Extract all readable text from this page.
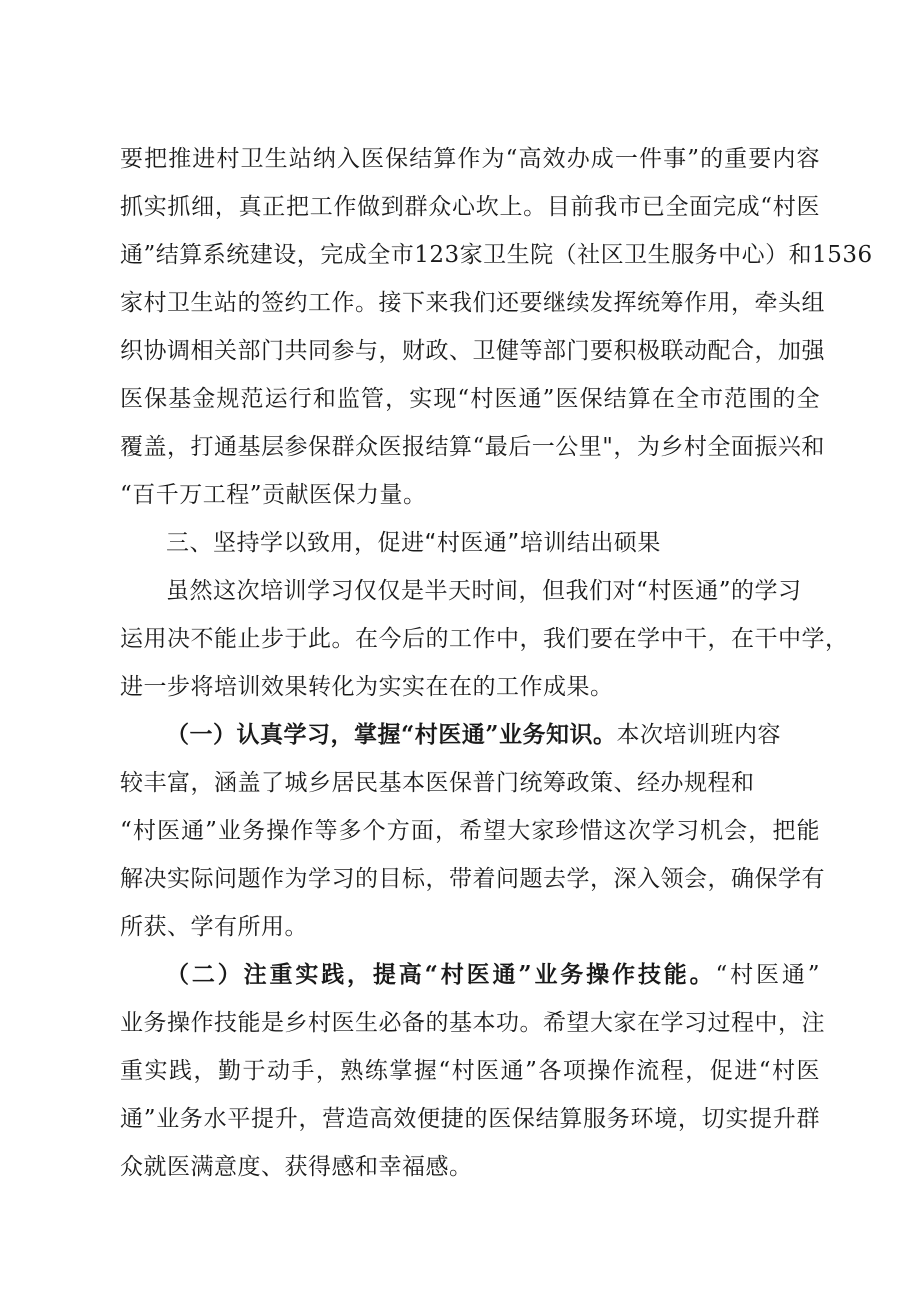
要把推进村卫生站纳入医保结算作为“高效办成一件事”的重要内容
抓实抓细，真正把工作做到群众心坎上。目前我市已全面完成“村医
通”结算系统建设，完成全市123家卫生院（社区卫生服务中心）和1536
家村卫生站的签约工作。接下来我们还要继续发挥统筹作用，牵头组
织协调相关部门共同参与，财政、卫健等部门要积极联动配合，加强
医保基金规范运行和监管，实现“村医通”医保结算在全市范围的全
覆盖，打通基层参保群众医报结算“最后一公里"，为乡村全面振兴和
“百千万工程”贡献医保力量。
三、坚持学以致用，促进“村医通”培训结出硕果
虽然这次培训学习仅仅是半天时间，但我们对“村医通”的学习
运用决不能止步于此。在今后的工作中，我们要在学中干，在干中学，
进一步将培训效果转化为实实在在的工作成果。
（一）认真学习，掌握“村医通”业务知识。本次培训班内容
较丰富，涵盖了城乡居民基本医保普门统筹政策、经办规程和
“村医通”业务操作等多个方面，希望大家珍惜这次学习机会，把能
解决实际问题作为学习的目标，带着问题去学，深入领会，确保学有
所获、学有所用。
（二）注重实践，提高“村医通”业务操作技能。“村医通”
业务操作技能是乡村医生必备的基本功。希望大家在学习过程中，注
重实践，勤于动手，熟练掌握“村医通”各项操作流程，促进“村医
通”业务水平提升，营造高效便捷的医保结算服务环境，切实提升群
众就医满意度、获得感和幸福感。
